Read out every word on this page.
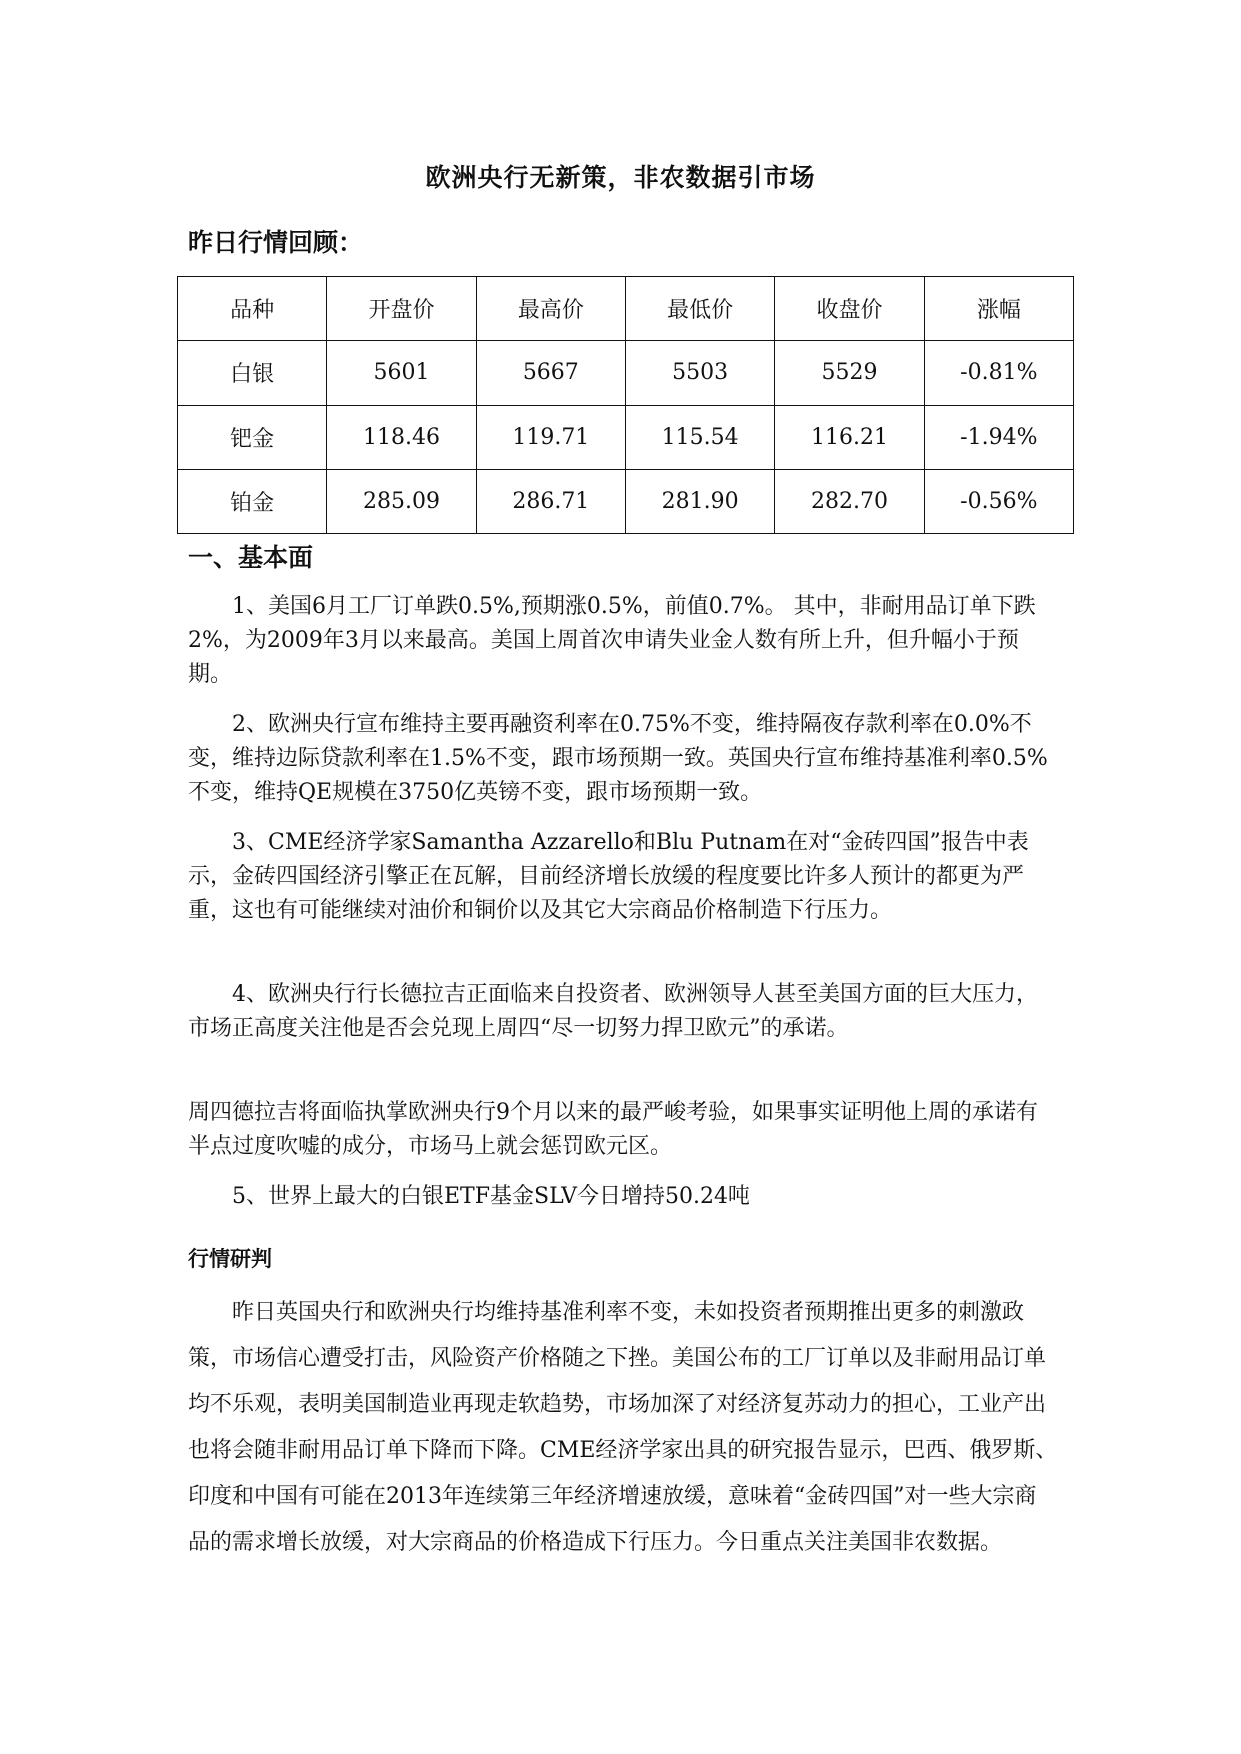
欧洲央行无新策，非农数据引市场
昨日行情回顾：
品种	开盘价	最高价	最低价	收盘价	涨幅
白银	5601	5667	5503	5529	-0.81%
钯金	118.46	119.71	115.54	116.21	-1.94%
铂金	285.09	286.71	281.90	282.70	-0.56%
一、基本面

1、美国6月工厂订单跌0.5%,预期涨0.5%，前值0.7%。 其中，非耐用品订单下跌2%，为2009年3月以来最高。美国上周首次申请失业金人数有所上升，但升幅小于预期。

2、欧洲央行宣布维持主要再融资利率在0.75%不变，维持隔夜存款利率在0.0%不变，维持边际贷款利率在1.5%不变，跟市场预期一致。英国央行宣布维持基准利率0.5%不变，维持QE规模在3750亿英镑不变，跟市场预期一致。

3、CME经济学家Samantha Azzarello和Blu Putnam在对“金砖四国”报告中表示，金砖四国经济引擎正在瓦解，目前经济增长放缓的程度要比许多人预计的都更为严重，这也有可能继续对油价和铜价以及其它大宗商品价格制造下行压力。

4、欧洲央行行长德拉吉正面临来自投资者、欧洲领导人甚至美国方面的巨大压力，市场正高度关注他是否会兑现上周四“尽一切努力捍卫欧元”的承诺。

周四德拉吉将面临执掌欧洲央行9个月以来的最严峻考验，如果事实证明他上周的承诺有半点过度吹嘘的成分，市场马上就会惩罚欧元区。

5、世界上最大的白银ETF基金SLV今日增持50.24吨

行情研判

昨日英国央行和欧洲央行均维持基准利率不变，未如投资者预期推出更多的刺激政策，市场信心遭受打击，风险资产价格随之下挫。美国公布的工厂订单以及非耐用品订单均不乐观，表明美国制造业再现走软趋势，市场加深了对经济复苏动力的担心，工业产出也将会随非耐用品订单下降而下降。CME经济学家出具的研究报告显示，巴西、俄罗斯、印度和中国有可能在2013年连续第三年经济增速放缓，意味着“金砖四国”对一些大宗商品的需求增长放缓，对大宗商品的价格造成下行压力。今日重点关注美国非农数据。
